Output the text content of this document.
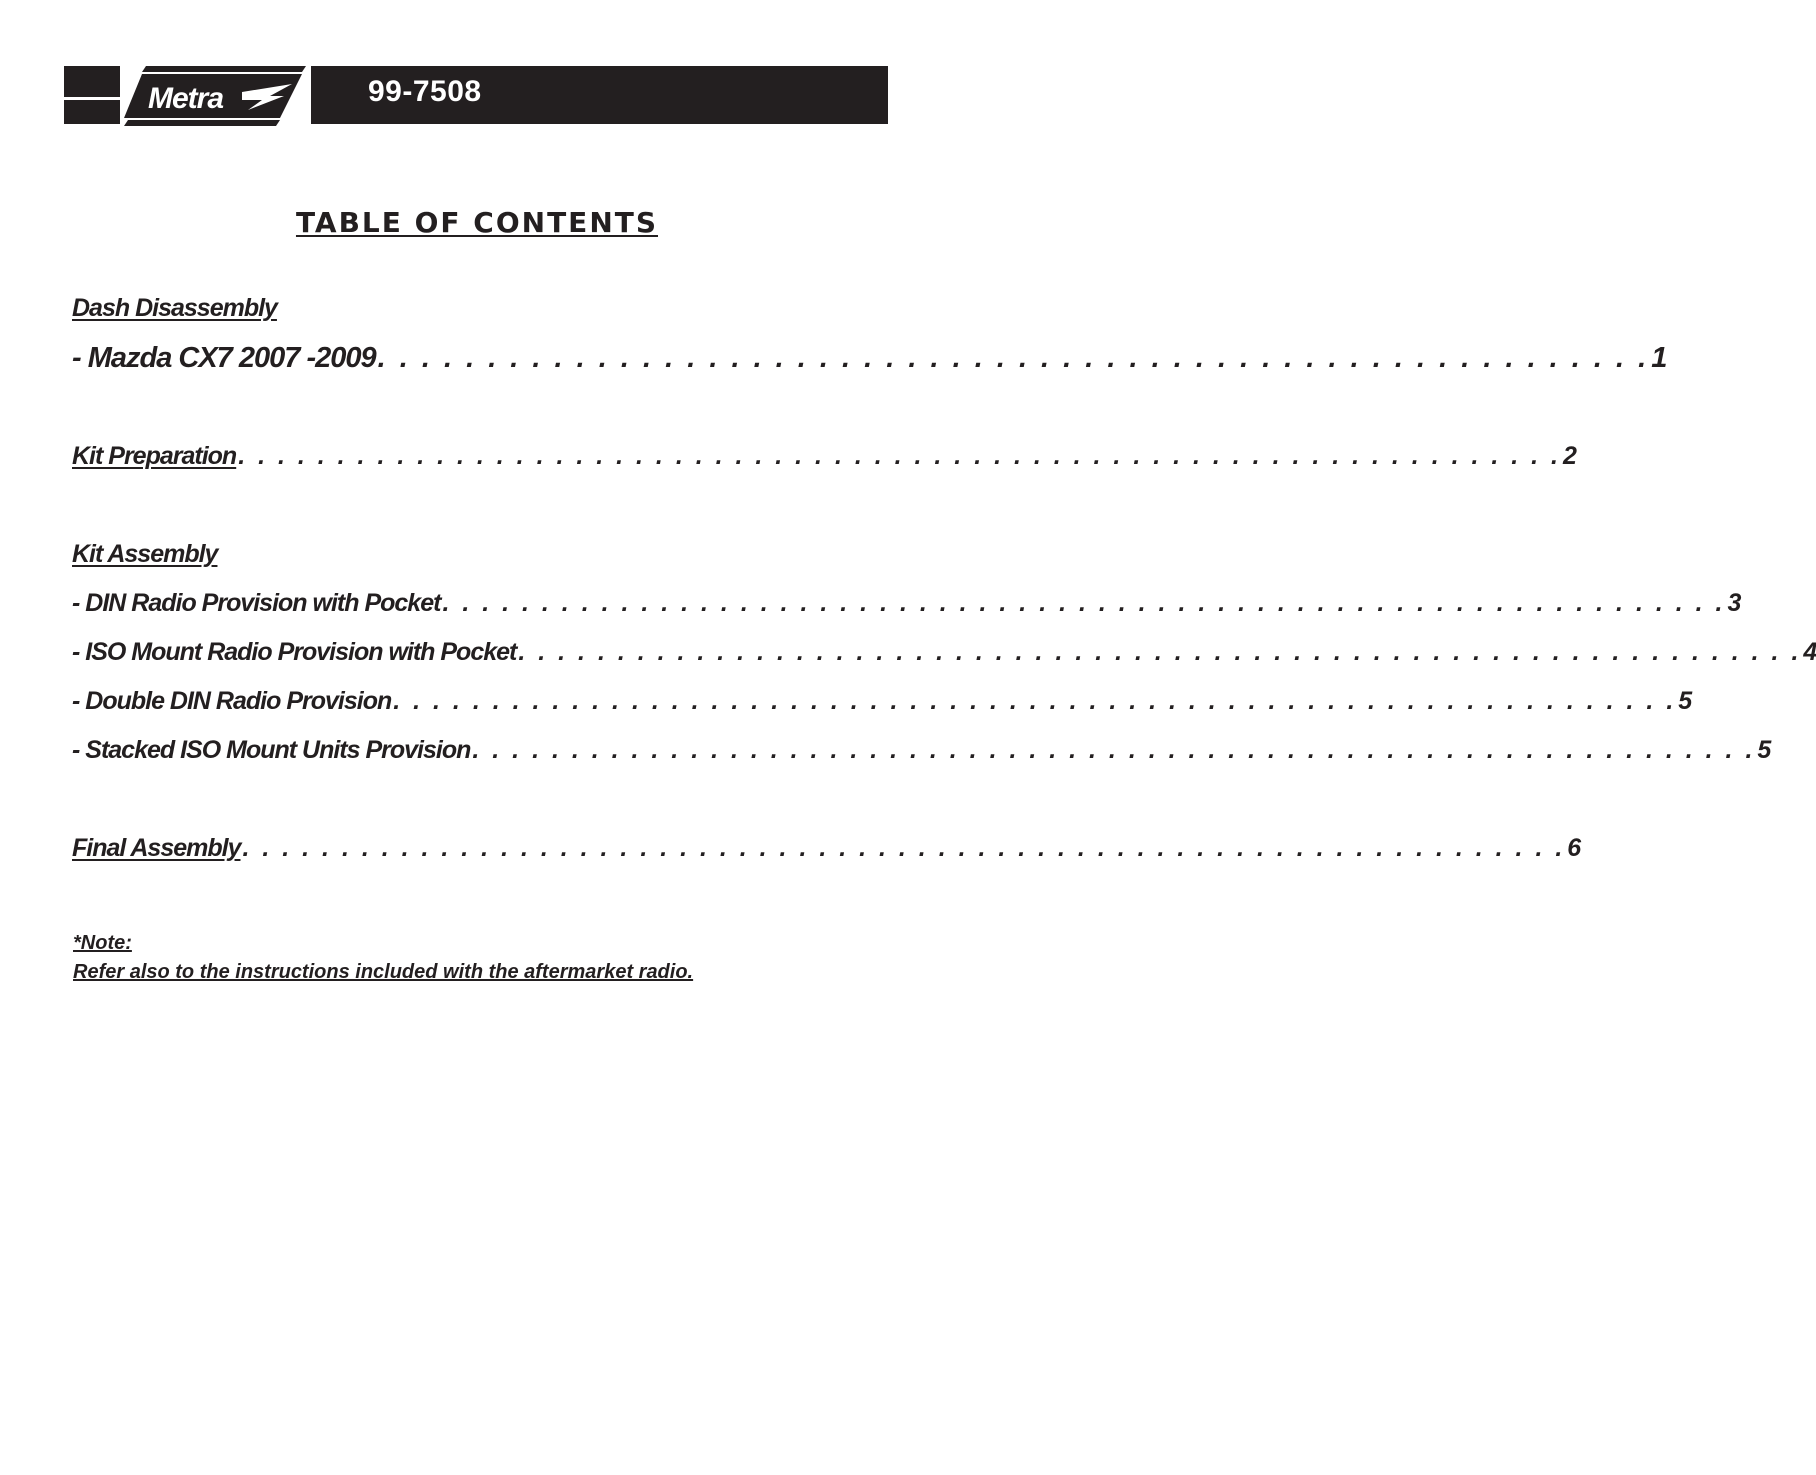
Metra	99-7508
TABLE OF CONTENTS
Dash Disassembly
- Mazda CX7 2007 -2009 . . . . . . . . . . . . . . . . . . . . . . . . . . . . . . . . . . . . . . . . . . . . . . . . . . . . . . . . . . 1
Kit Preparation . . . . . . . . . . . . . . . . . . . . . . . . . . . . . . . . . . . . . . . . . . . . . . . . . . . . . . . . . . . . . . . . . . . 2
Kit Assembly
- DIN Radio Provision with Pocket . . . . . . . . . . . . . . . . . . . . . . . . . . . . . . . . . . . . . . . . . . . . . . . . . . . . . . . . . . . . . . . . . 3
- ISO Mount Radio Provision with Pocket . . . . . . . . . . . . . . . . . . . . . . . . . . . . . . . . . . . . . . . . . . . . . . . . . . . . . . . . . . . . . . . . . 4
- Double DIN Radio Provision . . . . . . . . . . . . . . . . . . . . . . . . . . . . . . . . . . . . . . . . . . . . . . . . . . . . . . . . . . . . . . . . . 5
- Stacked ISO Mount Units Provision . . . . . . . . . . . . . . . . . . . . . . . . . . . . . . . . . . . . . . . . . . . . . . . . . . . . . . . . . . . . . . . . . 5
Final Assembly . . . . . . . . . . . . . . . . . . . . . . . . . . . . . . . . . . . . . . . . . . . . . . . . . . . . . . . . . . . . . . . . . . . 6
*Note:
Refer also to the instructions included with the aftermarket radio.
